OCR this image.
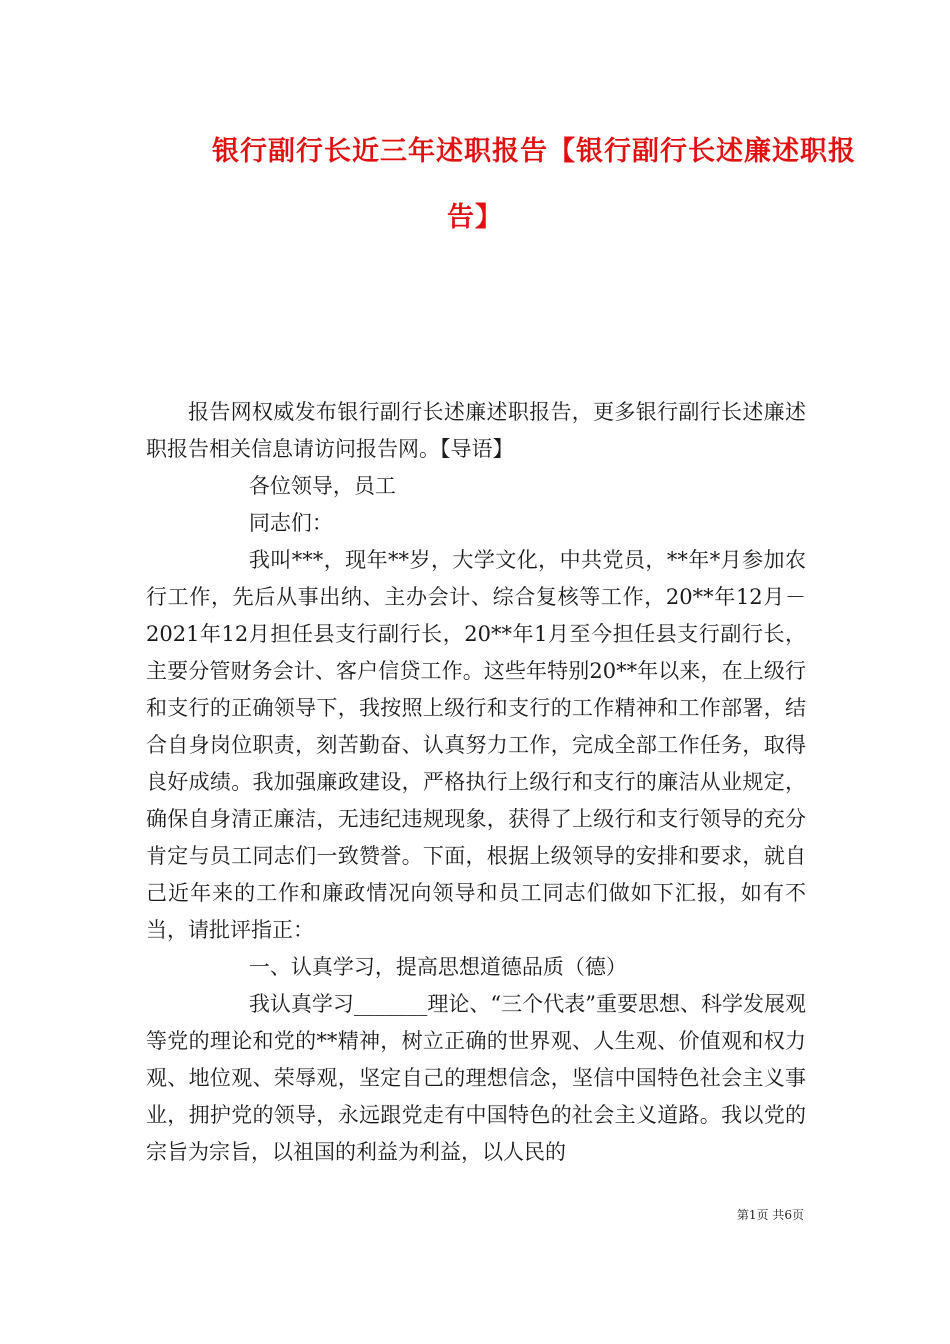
银行副行长近三年述职报告【银行副行长述廉述职报
告】

报告网权威发布银行副行长述廉述职报告，更多银行副行长述廉述职报告相关信息请访问报告网。【导语】

各位领导，员工

同志们：

我叫***，现年**岁，大学文化，中共党员，**年*月参加农行工作，先后从事出纳、主办会计、综合复核等工作，20**年12月－2021年12月担任县支行副行长，20**年1月至今担任县支行副行长，主要分管财务会计、客户信贷工作。这些年特别20**年以来，在上级行和支行的正确领导下，我按照上级行和支行的工作精神和工作部署，结合自身岗位职责，刻苦勤奋、认真努力工作，完成全部工作任务，取得良好成绩。我加强廉政建设，严格执行上级行和支行的廉洁从业规定，确保自身清正廉洁，无违纪违规现象，获得了上级行和支行领导的充分肯定与员工同志们一致赞誉。下面，根据上级领导的安排和要求，就自己近年来的工作和廉政情况向领导和员工同志们做如下汇报，如有不当，请批评指正：

一、认真学习，提高思想道德品质（德）

我认真学习_______理论、“三个代表”重要思想、科学发展观等党的理论和党的**精神，树立正确的世界观、人生观、价值观和权力观、地位观、荣辱观，坚定自己的理想信念，坚信中国特色社会主义事业，拥护党的领导，永远跟党走有中国特色的社会主义道路。我以党的宗旨为宗旨，以祖国的利益为利益，以人民的

第1页 共6页
